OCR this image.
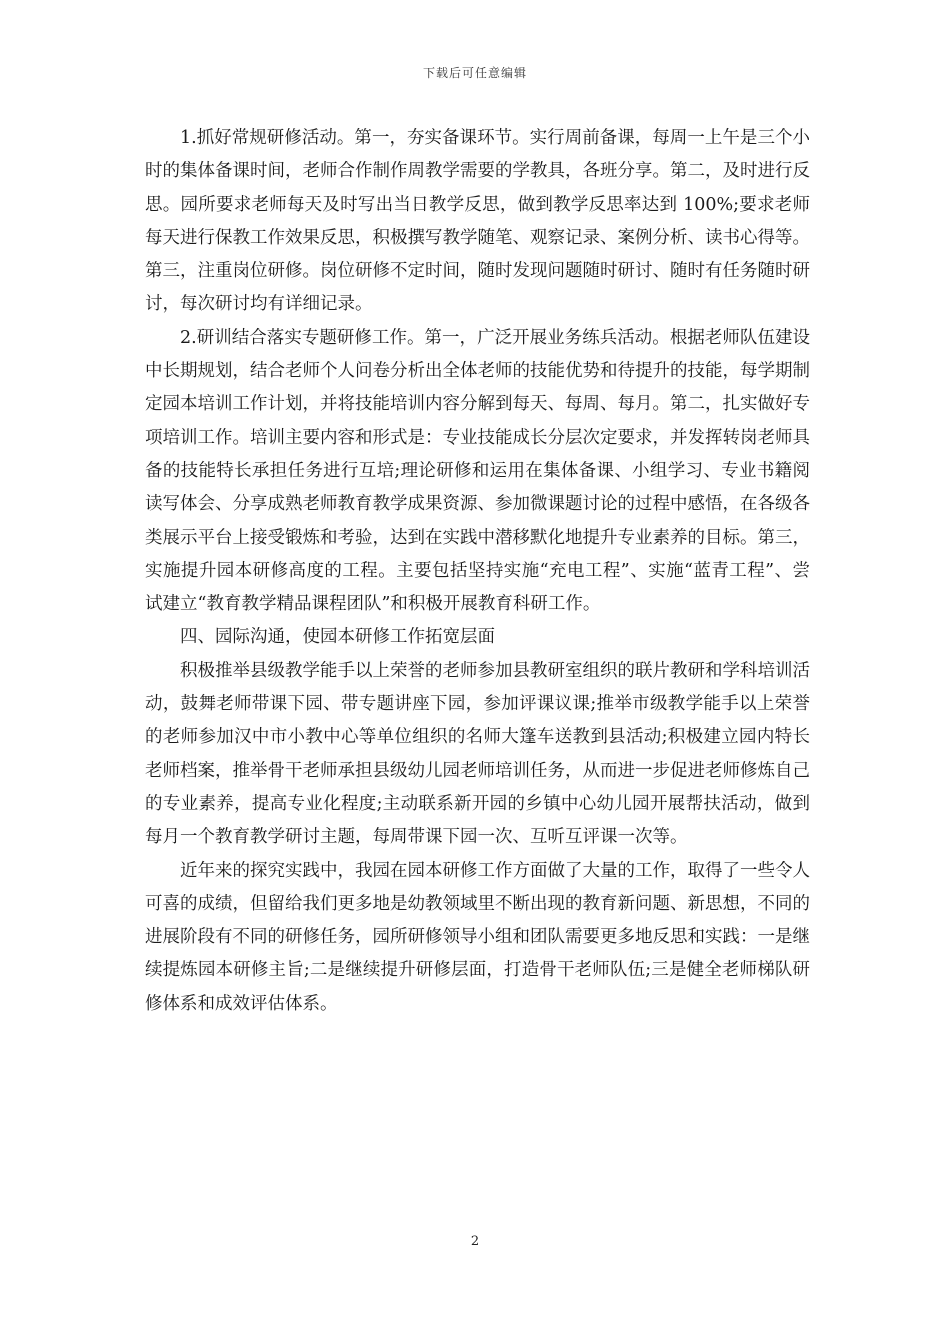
下载后可任意编辑

1.抓好常规研修活动。第一，夯实备课环节。实行周前备课，每周一上午是三个小时的集体备课时间，老师合作制作周教学需要的学教具，各班分享。第二，及时进行反思。园所要求老师每天及时写出当日教学反思，做到教学反思率达到 100%;要求老师每天进行保教工作效果反思，积极撰写教学随笔、观察记录、案例分析、读书心得等。第三，注重岗位研修。岗位研修不定时间，随时发现问题随时研讨、随时有任务随时研讨，每次研讨均有详细记录。

2.研训结合落实专题研修工作。第一，广泛开展业务练兵活动。根据老师队伍建设中长期规划，结合老师个人问卷分析出全体老师的技能优势和待提升的技能，每学期制定园本培训工作计划，并将技能培训内容分解到每天、每周、每月。第二，扎实做好专项培训工作。培训主要内容和形式是：专业技能成长分层次定要求，并发挥转岗老师具备的技能特长承担任务进行互培;理论研修和运用在集体备课、小组学习、专业书籍阅读写体会、分享成熟老师教育教学成果资源、参加微课题讨论的过程中感悟，在各级各类展示平台上接受锻炼和考验，达到在实践中潜移默化地提升专业素养的目标。第三，实施提升园本研修高度的工程。主要包括坚持实施“充电工程”、实施“蓝青工程”、尝试建立“教育教学精品课程团队”和积极开展教育科研工作。

四、园际沟通，使园本研修工作拓宽层面

积极推举县级教学能手以上荣誉的老师参加县教研室组织的联片教研和学科培训活动，鼓舞老师带课下园、带专题讲座下园，参加评课议课;推举市级教学能手以上荣誉的老师参加汉中市小教中心等单位组织的名师大篷车送教到县活动;积极建立园内特长老师档案，推举骨干老师承担县级幼儿园老师培训任务，从而进一步促进老师修炼自己的专业素养，提高专业化程度;主动联系新开园的乡镇中心幼儿园开展帮扶活动，做到每月一个教育教学研讨主题，每周带课下园一次、互听互评课一次等。

近年来的探究实践中，我园在园本研修工作方面做了大量的工作，取得了一些令人可喜的成绩，但留给我们更多地是幼教领域里不断出现的教育新问题、新思想，不同的进展阶段有不同的研修任务，园所研修领导小组和团队需要更多地反思和实践：一是继续提炼园本研修主旨;二是继续提升研修层面，打造骨干老师队伍;三是健全老师梯队研修体系和成效评估体系。

2
